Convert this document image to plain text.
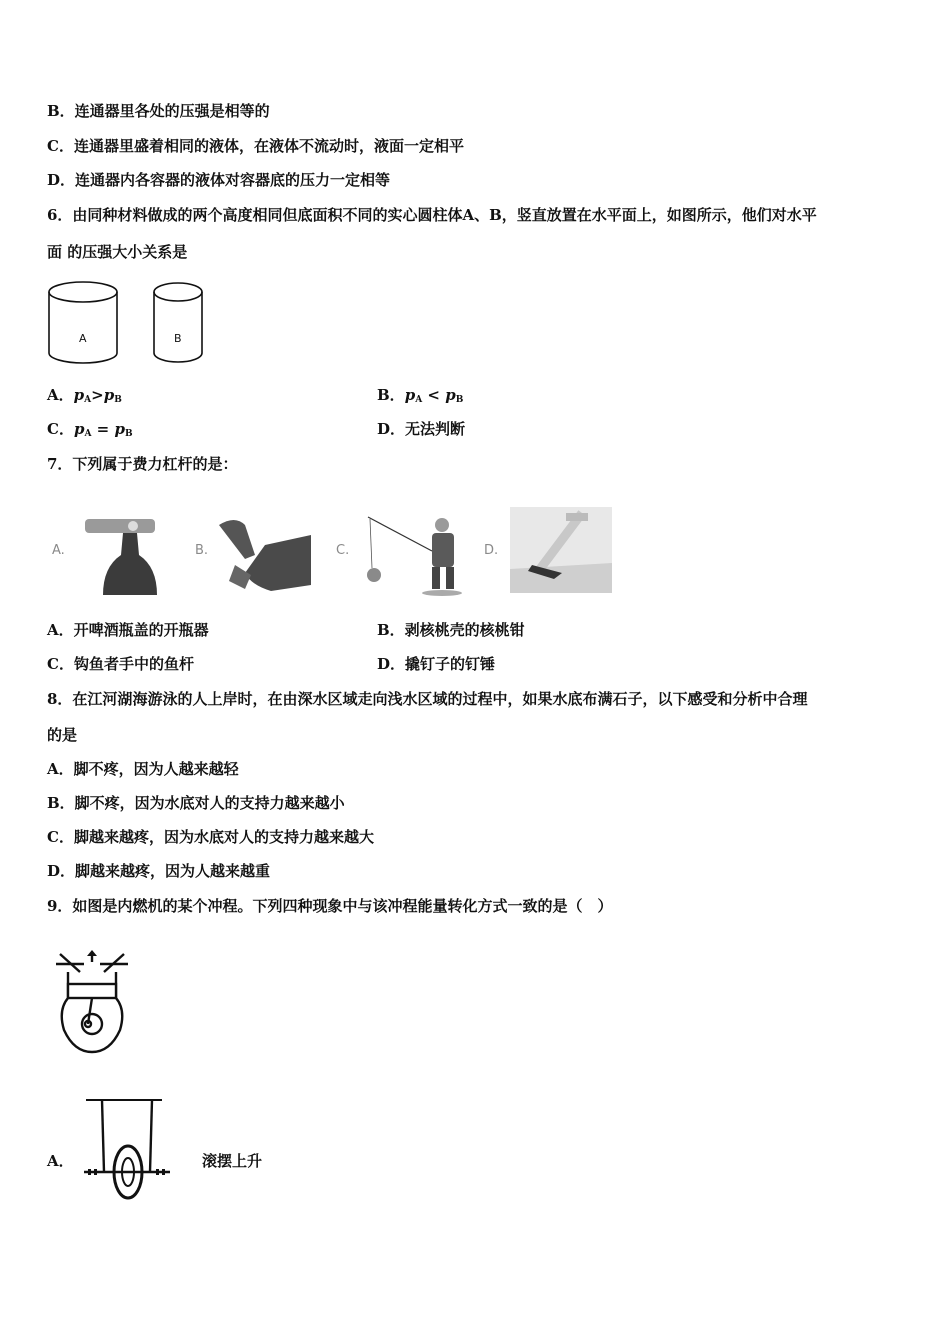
B．连通器里各处的压强是相等的
C．连通器里盛着相同的液体，在液体不流动时，液面一定相平
D．连通器内各容器的液体对容器底的压力一定相等
6．由同种材料做成的两个高度相同但底面积不同的实心圆柱体A、B，竖直放置在水平面上，如图所示，他们对水平
面 的压强大小关系是
A	B
A．$p_A>p_B$	B．$p_A < p_B$
C．$p_A = p_B$	D．无法判断
7．下列属于费力杠杆的是：
A.	B.	C.	D.
A．开啤酒瓶盖的开瓶器	B．剥核桃壳的核桃钳
C．钩鱼者手中的鱼杆	D．撬钉子的钉锤
8．在江河湖海游泳的人上岸时，在由深水区域走向浅水区域的过程中，如果水底布满石子，以下感受和分析中合理
的是
A．脚不疼，因为人越来越轻
B．脚不疼，因为水底对人的支持力越来越小
C．脚越来越疼，因为水底对人的支持力越来越大
D．脚越来越疼，因为人越来越重
9．如图是内燃机的某个冲程。下列四种现象中与该冲程能量转化方式一致的是（　）
A．	滚摆上升
